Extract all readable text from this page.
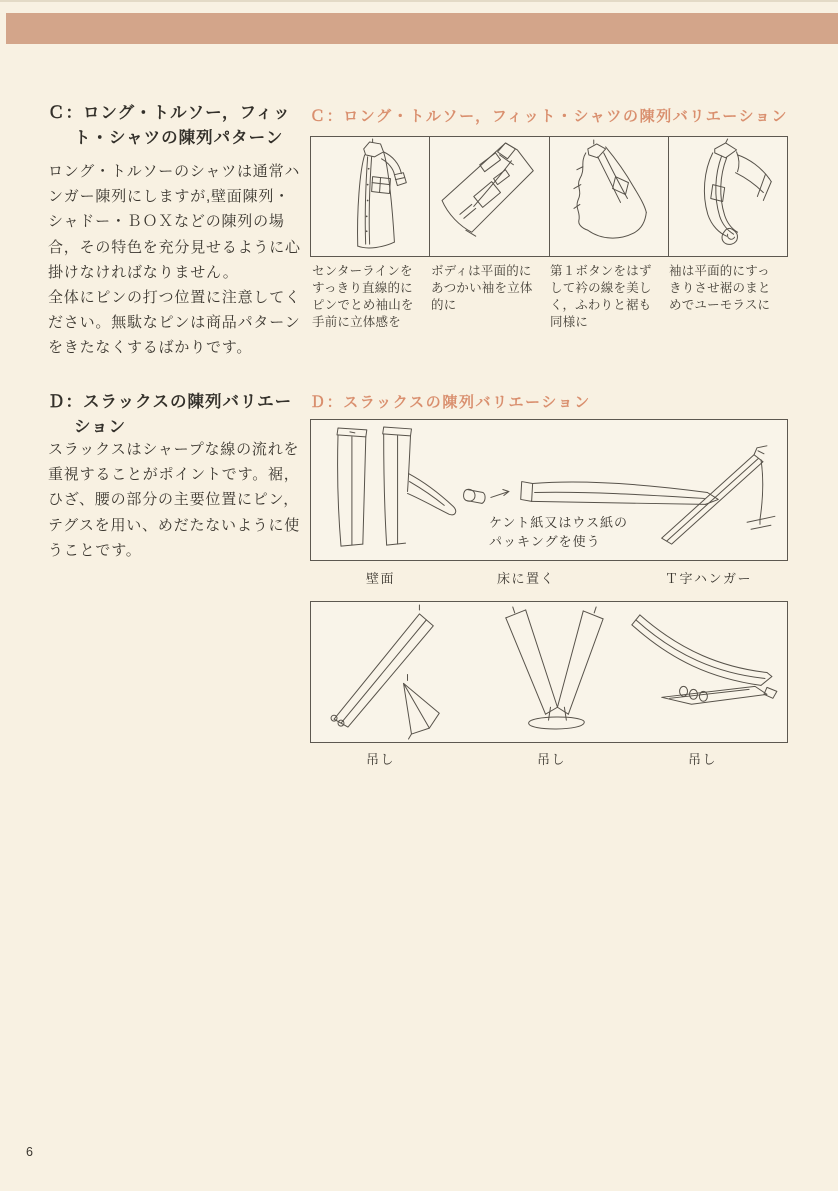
Ｃ：ロング・トルソー，フィッ
ト・シャツの陳列パターン

ロング・トルソーのシャツは通常ハンガー陳列にしますが,壁面陳列・シャドー・ＢＯＸなどの陳列の場合，その特色を充分見せるように心掛けなければなりません。

全体にピンの打つ位置に注意してください。無駄なピンは商品パターンをきたなくするばかりです。

Ｄ：スラックスの陳列バリエー
ション

スラックスはシャープな線の流れを重視することがポイントです。裾，ひざ、腰の部分の主要位置にピン，テグスを用い、めだたないように使うことです。

Ｃ：ロング・トルソー，フィット・シャツの陳列バリエーション
センターラインをすっきり直線的にピンでとめ袖山を手前に立体感を
ボディは平面的にあつかい袖を立体的に
第１ボタンをはずして衿の線を美しく，ふわりと裾も同様に
袖は平面的にすっきりさせ裾のまとめでユーモラスに
Ｄ：スラックスの陳列バリエーション
ケント紙又はウス紙のパッキングを使う
壁面	床に置く	Ｔ字ハンガー
吊し	吊し	吊し
6
